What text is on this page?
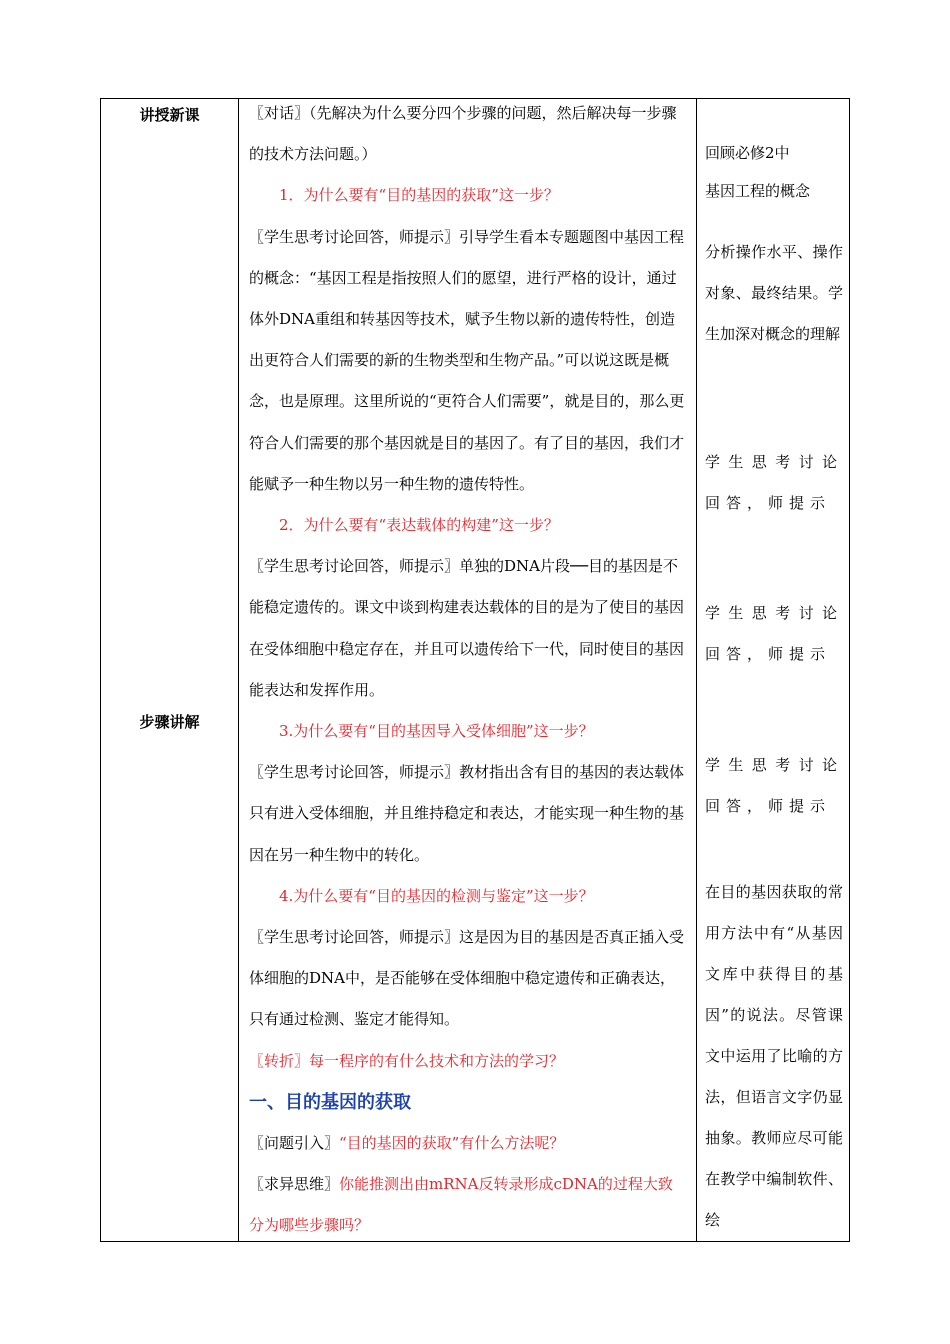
讲授新课
步骤讲解

〖对话〗（先解决为什么要分四个步骤的问题，然后解决每一步骤的技术方法问题。）

1．为什么要有“目的基因的获取”这一步？

〖学生思考讨论回答，师提示〗引导学生看本专题题图中基因工程的概念：“基因工程是指按照人们的愿望，进行严格的设计，通过体外DNA重组和转基因等技术，赋予生物以新的遗传特性，创造出更符合人们需要的新的生物类型和生物产品。”可以说这既是概念，也是原理。这里所说的“更符合人们需要”，就是目的，那么更符合人们需要的那个基因就是目的基因了。有了目的基因，我们才能赋予一种生物以另一种生物的遗传特性。

2．为什么要有“表达载体的构建”这一步？

〖学生思考讨论回答，师提示〗单独的DNA片段──目的基因是不能稳定遗传的。课文中谈到构建表达载体的目的是为了使目的基因在受体细胞中稳定存在，并且可以遗传给下一代，同时使目的基因能表达和发挥作用。

3.为什么要有“目的基因导入受体细胞”这一步？

〖学生思考讨论回答，师提示〗教材指出含有目的基因的表达载体只有进入受体细胞，并且维持稳定和表达，才能实现一种生物的基因在另一种生物中的转化。

4.为什么要有“目的基因的检测与鉴定”这一步？

〖学生思考讨论回答，师提示〗这是因为目的基因是否真正插入受体细胞的DNA中，是否能够在受体细胞中稳定遗传和正确表达，只有通过检测、鉴定才能得知。

〖转折〗每一程序的有什么技术和方法的学习？

一、目的基因的获取

〖问题引入〗“目的基因的获取”有什么方法呢？

〖求异思维〗你能推测出由mRNA反转录形成cDNA的过程大致分为哪些步骤吗？

回顾必修2中
基因工程的概念
分析操作水平、操作对象、最终结果。学生加深对概念的理解
学生思考讨论回答，师提示
学生思考讨论回答，师提示
学生思考讨论回答，师提示
在目的基因获取的常用方法中有“从基因文库中获得目的基因”的说法。尽管课文中运用了比喻的方法，但语言文字仍显抽象。教师应尽可能在教学中编制软件、绘
